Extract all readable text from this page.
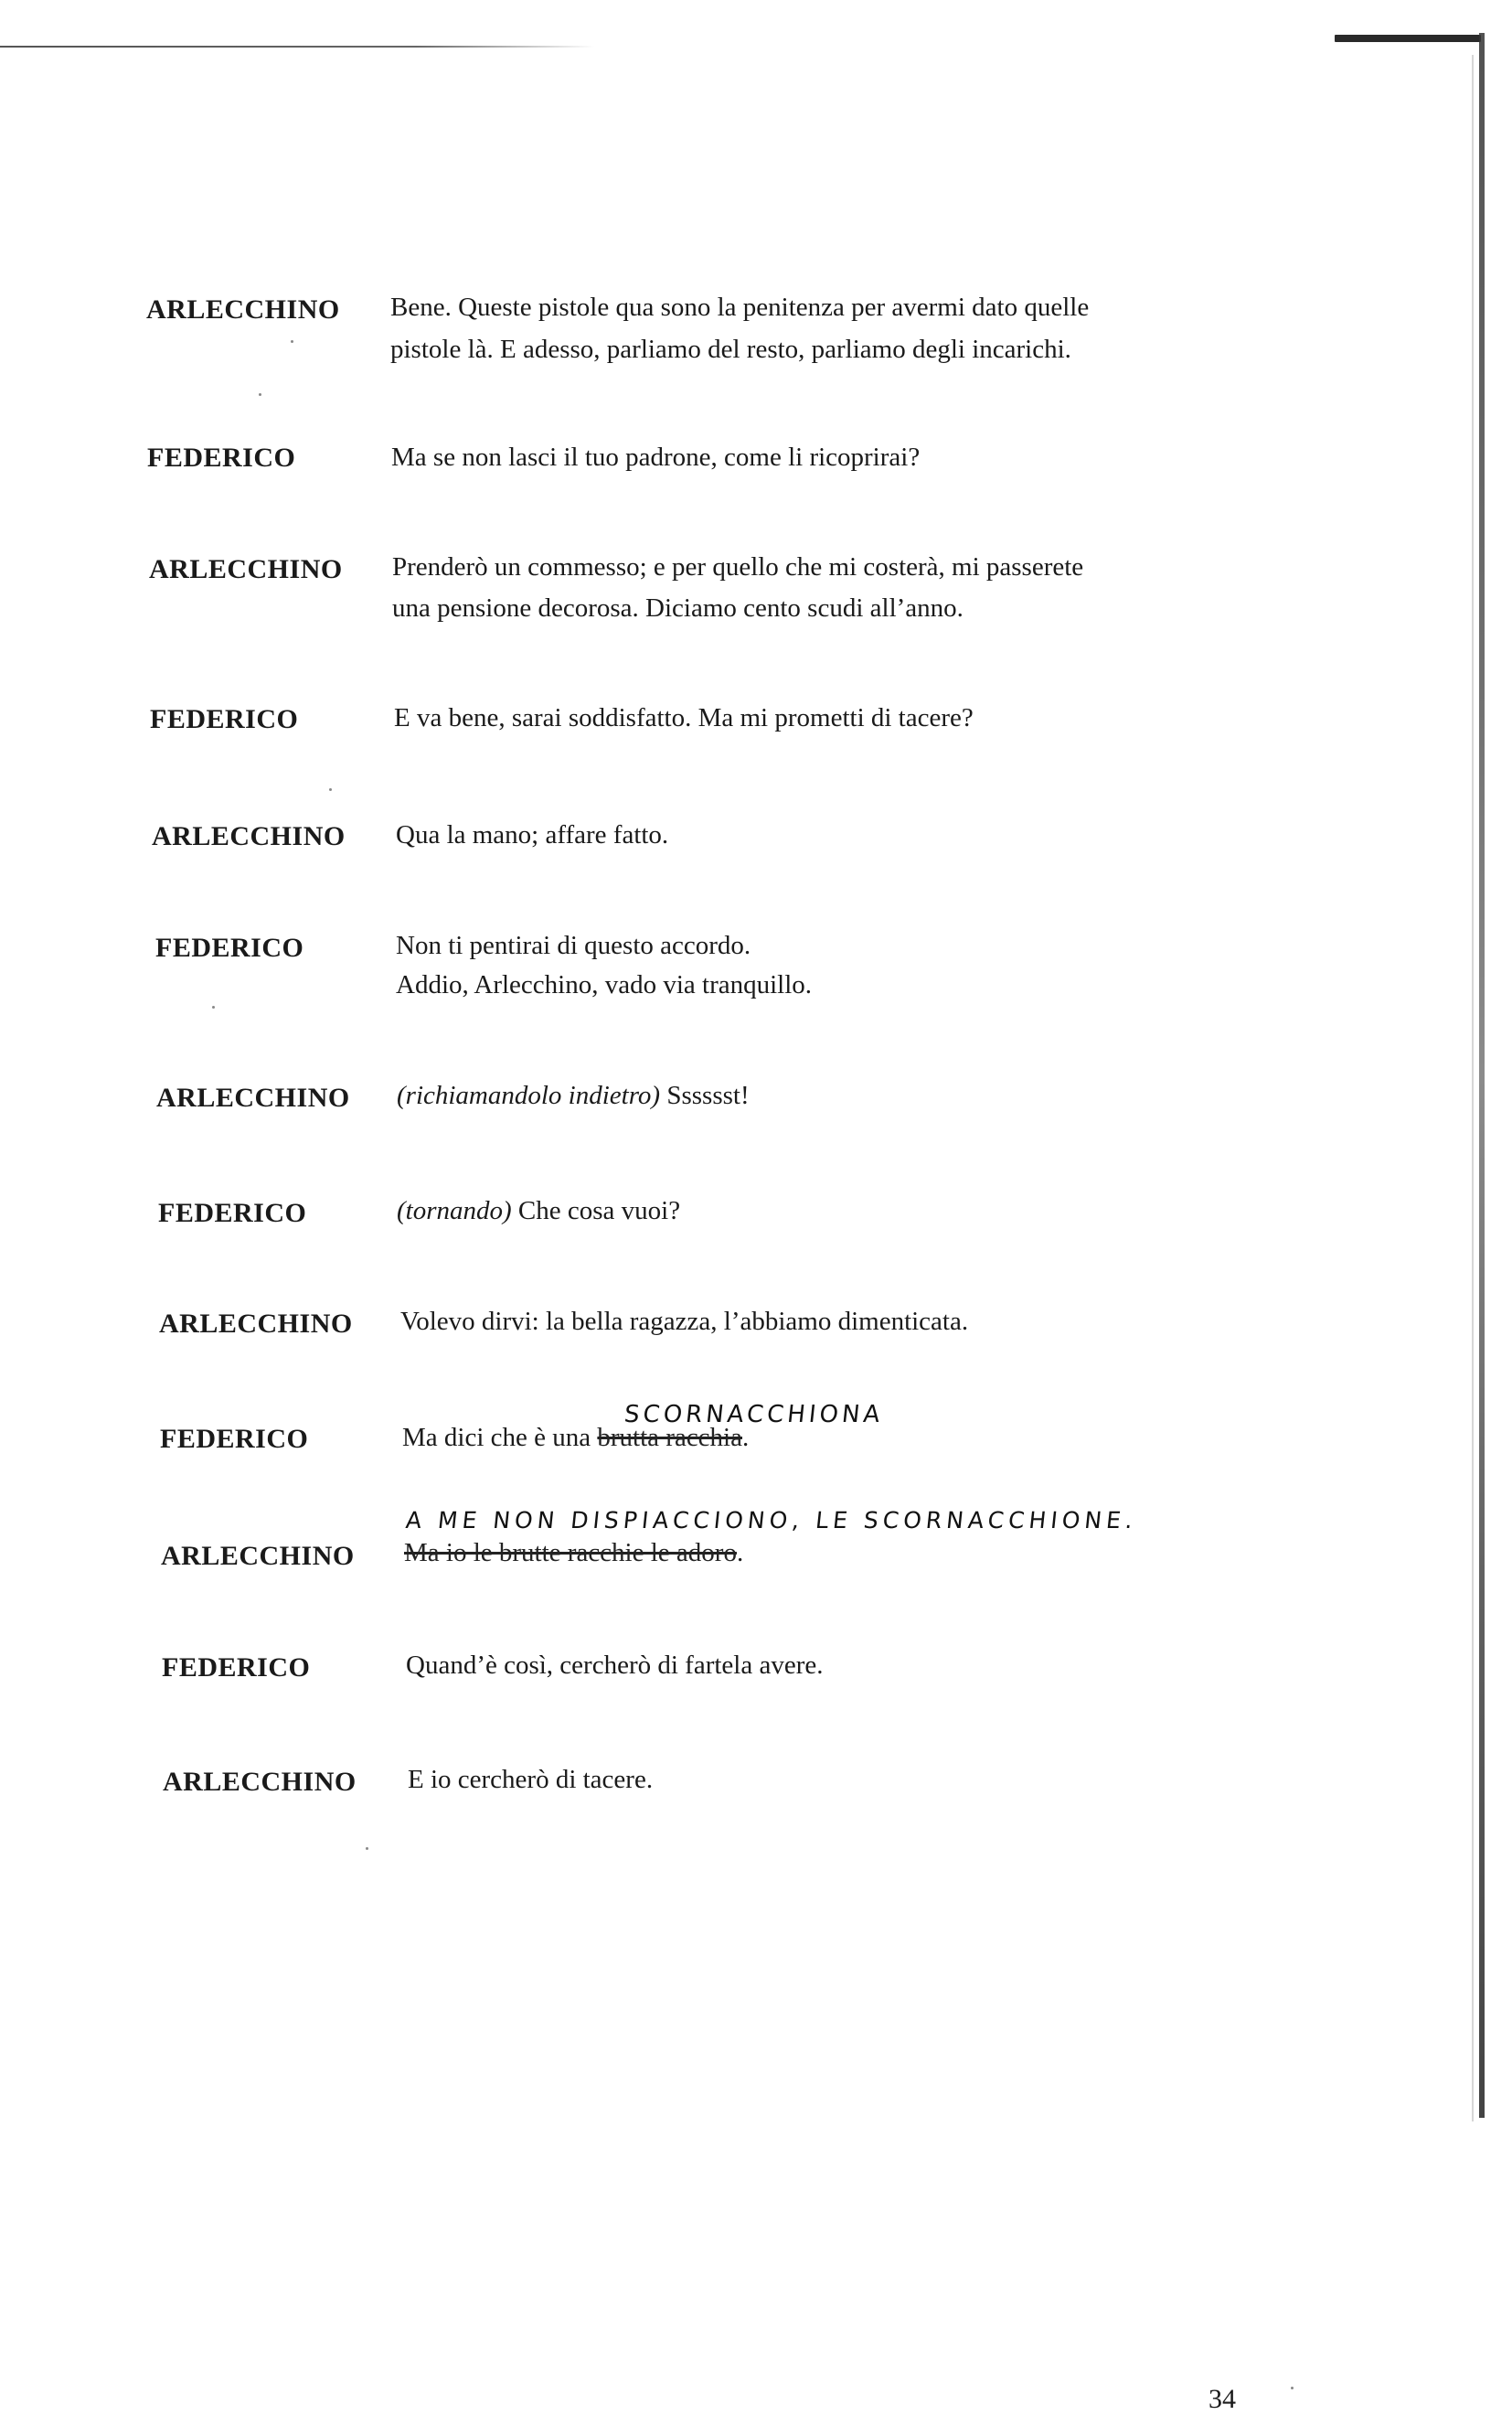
ARLECCHINO Bene. Queste pistole qua sono la penitenza per avermi dato quelle
pistole là. E adesso, parliamo del resto, parliamo degli incarichi.
FEDERICO	Ma se non lasci il tuo padrone, come li ricoprirai?
ARLECCHINO Prenderò un commesso; e per quello che mi costerà, mi passerete
una pensione decorosa. Diciamo cento scudi all’anno.
FEDERICO	E va bene, sarai soddisfatto. Ma mi prometti di tacere?
ARLECCHINO Qua la mano; affare fatto.
FEDERICO	Non ti pentirai di questo accordo.
Addio, Arlecchino, vado via tranquillo.
ARLECCHINO (richiamandolo indietro) Sssssst!
FEDERICO	(tornando) Che cosa vuoi?
ARLECCHINO Volevo dirvi: la bella ragazza, l’abbiamo dimenticata.
FEDERICO
SCORNACCHIONA
Ma dici che è una brutta racchia.
ARLECCHINO
A ME NON DISPIACCIONO, LE SCORNACCHIONE.
Ma io le brutte racchie le adoro.
FEDERICO	Quand’è così, cercherò di fartela avere.
ARLECCHINO E io cercherò di tacere.
34
